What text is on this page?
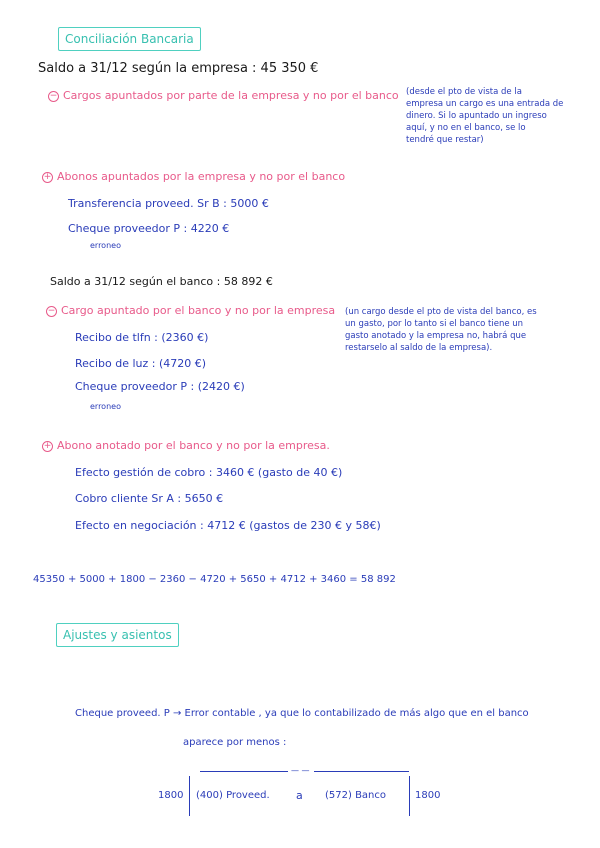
Conciliación Bancaria
Saldo a 31/12 según la empresa : 45 350 €
− Cargos apuntados por parte de la empresa y no por el banco (desde el pto de vista de la
empresa un cargo es una entrada de
dinero. Si lo apuntado un ingreso
aquí, y no en el banco, se lo
tendré que restar)
+ Abonos apuntados por la empresa y no por el banco
Transferencia proveed. Sr B : 5000 €
Cheque proveedor P : 4220 €
erroneo
Saldo a 31/12 según el banco : 58 892 €
− Cargo apuntado por el banco y no por la empresa (un cargo desde el pto de vista del banco, es
un gasto, por lo tanto si el banco tiene un
gasto anotado y la empresa no, habrá que
restarselo al saldo de la empresa).
Recibo de tlfn : (2360 €)
Recibo de luz : (4720 €)
Cheque proveedor P : (2420 €)
erroneo
+ Abono anotado por el banco y no por la empresa.
Efecto gestión de cobro : 3460 € (gasto de 40 €)
Cobro cliente Sr A : 5650 €
Efecto en negociación : 4712 € (gastos de 230 € y 58€)
45350 + 5000 + 1800 − 2360 − 4720 + 5650 + 4712 + 3460 = 58 892
Ajustes y asientos
Cheque proveed. P → Error contable , ya que lo contabilizado de más algo que en el banco
aparece por menos :
— —
1800 (400) Proveed. a (572) Banco	1800
